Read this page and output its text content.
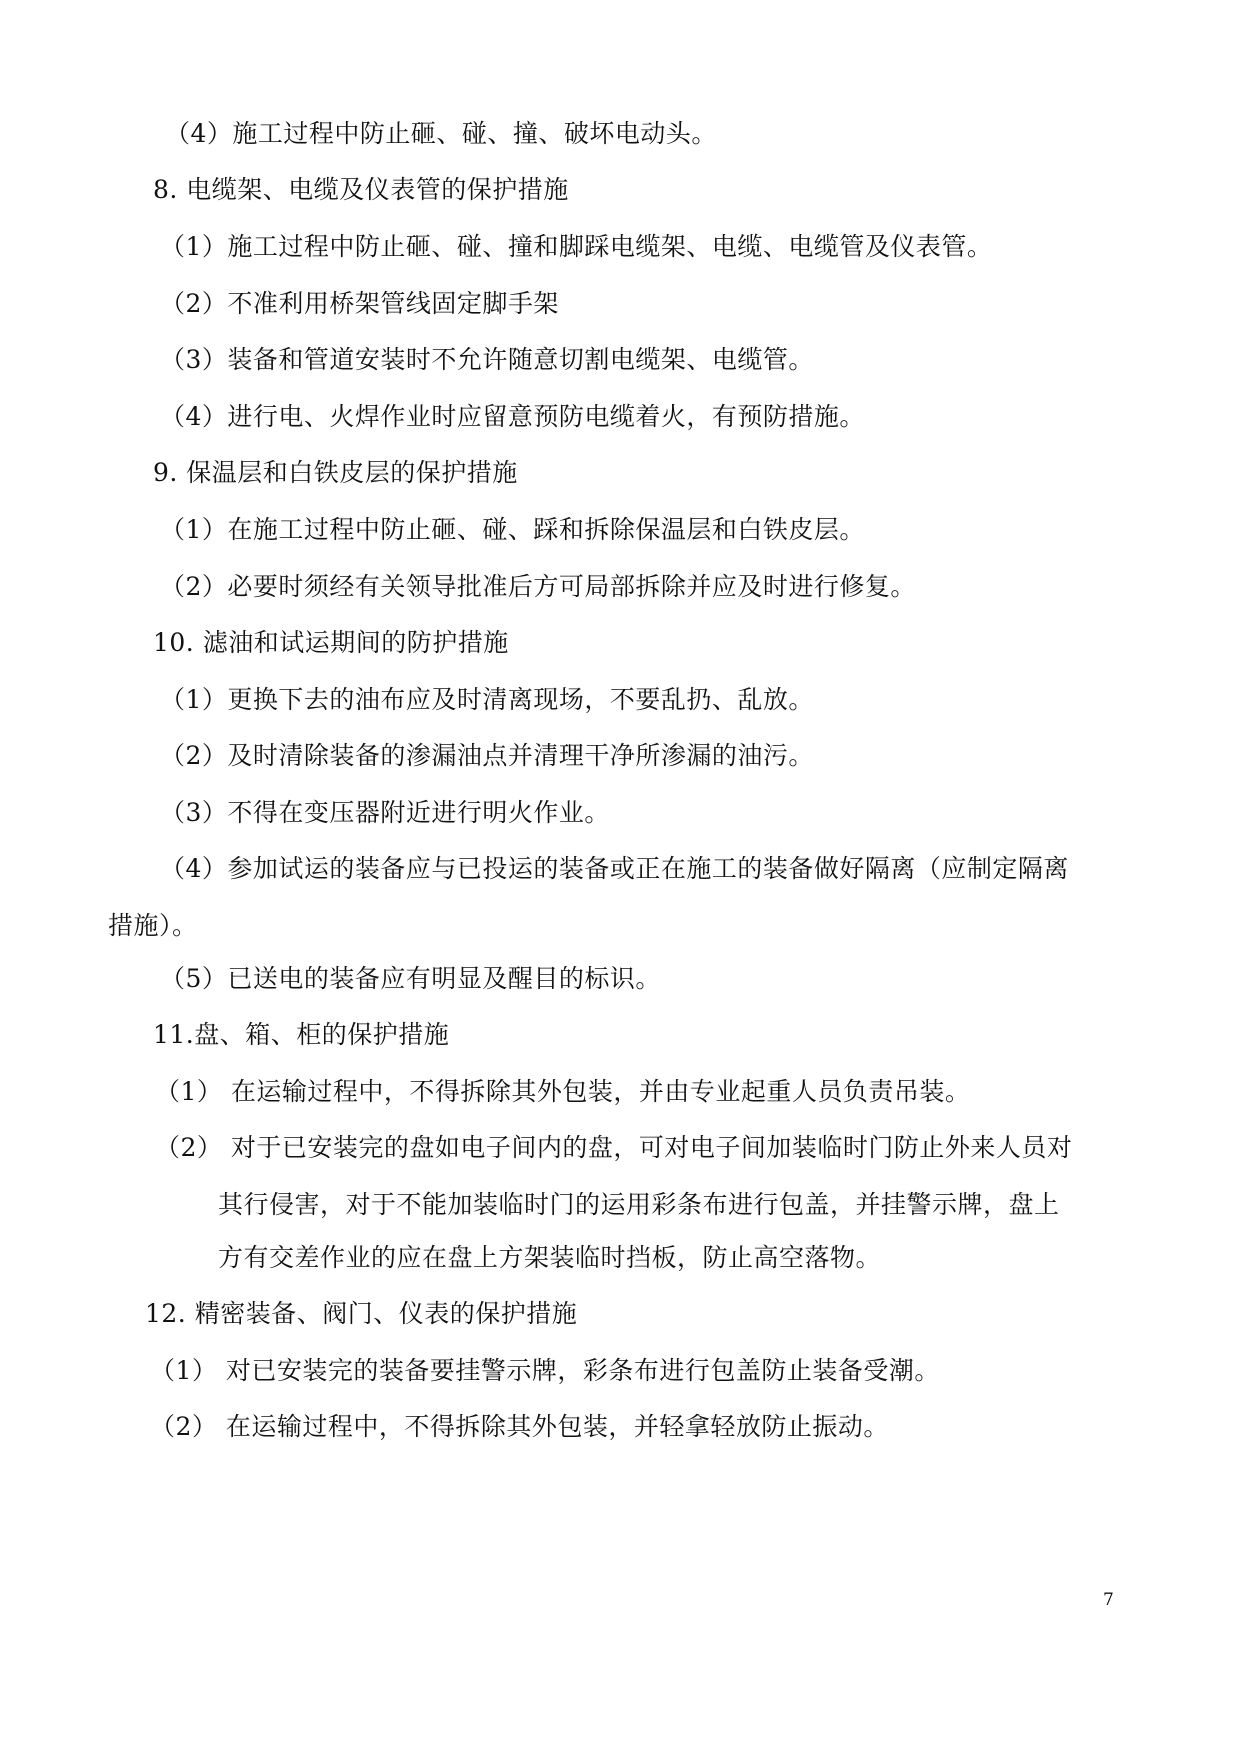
（4）施工过程中防止砸、碰、撞、破坏电动头。
8. 电缆架、电缆及仪表管的保护措施
（1）施工过程中防止砸、碰、撞和脚踩电缆架、电缆、电缆管及仪表管。
（2）不准利用桥架管线固定脚手架
（3）装备和管道安装时不允许随意切割电缆架、电缆管。
（4）进行电、火焊作业时应留意预防电缆着火，有预防措施。
9. 保温层和白铁皮层的保护措施
（1）在施工过程中防止砸、碰、踩和拆除保温层和白铁皮层。
（2）必要时须经有关领导批准后方可局部拆除并应及时进行修复。
10. 滤油和试运期间的防护措施
（1）更换下去的油布应及时清离现场，不要乱扔、乱放。
（2）及时清除装备的渗漏油点并清理干净所渗漏的油污。
（3）不得在变压器附近进行明火作业。
（4）参加试运的装备应与已投运的装备或正在施工的装备做好隔离（应制定隔离
措施）。
（5）已送电的装备应有明显及醒目的标识。
11.盘、箱、柜的保护措施
（1） 在运输过程中，不得拆除其外包装，并由专业起重人员负责吊装。
（2） 对于已安装完的盘如电子间内的盘，可对电子间加装临时门防止外来人员对
其行侵害，对于不能加装临时门的运用彩条布进行包盖，并挂警示牌，盘上
方有交差作业的应在盘上方架装临时挡板，防止高空落物。
12. 精密装备、阀门、仪表的保护措施
（1） 对已安装完的装备要挂警示牌，彩条布进行包盖防止装备受潮。
（2） 在运输过程中，不得拆除其外包装，并轻拿轻放防止振动。
7
